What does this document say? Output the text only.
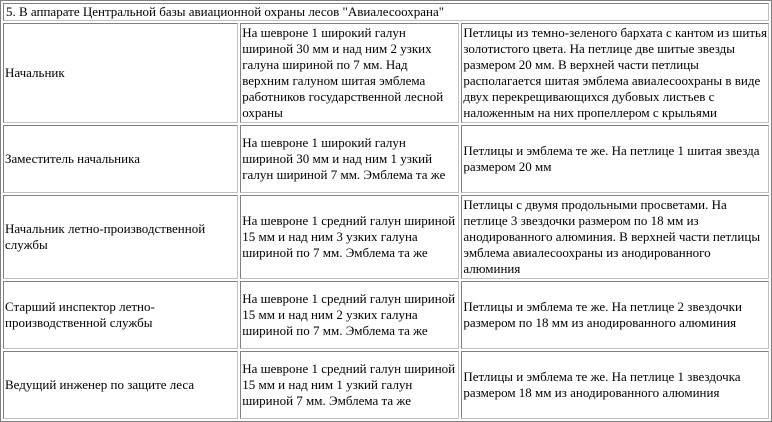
5. В аппарате Центральной базы авиационной охраны лесов "Авиалесоохрана"		
Начальник	На шевроне 1 широкий галун шириной 30 мм и над ним 2 узких галуна шириной по 7 мм. Над верхним галуном шитая эмблема работников государственной лесной охраны	Петлицы из темно-зеленого бархата с кантом из шитья золотистого цвета. На петлице две шитые звезды размером 20 мм. В верхней части петлицы располагается шитая эмблема авиалесоохраны в виде двух перекрещивающихся дубовых листьев с наложенным на них пропеллером с крыльями
Заместитель начальника	На шевроне 1 широкий галун шириной 30 мм и над ним 1 узкий галун шириной 7 мм. Эмблема та же	Петлицы и эмблема те же. На петлице 1 шитая звезда размером 20 мм
Начальник летно-производственной службы	На шевроне 1 средний галун шириной 15 мм и над ним 3 узких галуна шириной по 7 мм. Эмблема та же	Петлицы с двумя продольными просветами. На петлице 3 звездочки размером по 18 мм из анодированного алюминия. В верхней части петлицы эмблема авиалесоохраны из анодированного алюминия
Старший инспектор летно-производственной службы	На шевроне 1 средний галун шириной 15 мм и над ним 2 узких галуна шириной по 7 мм. Эмблема та же	Петлицы и эмблема те же. На петлице 2 звездочки размером по 18 мм из анодированного алюминия
Ведущий инженер по защите леса	На шевроне 1 средний галун шириной 15 мм и над ним 1 узкий галун шириной 7 мм. Эмблема та же	Петлицы и эмблема те же. На петлице 1 звездочка размером 18 мм из анодированного алюминия
